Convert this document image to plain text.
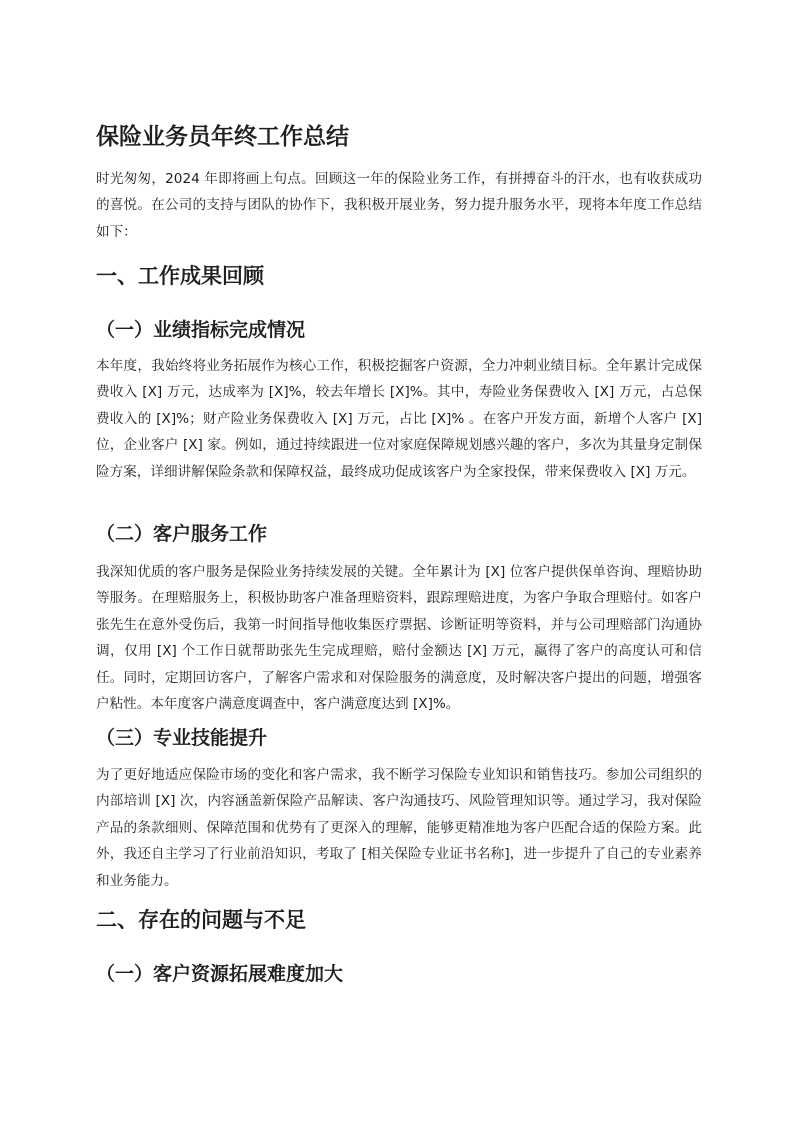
保险业务员年终工作总结

时光匆匆，2024 年即将画上句点。回顾这一年的保险业务工作，有拼搏奋斗的汗水，也有收获成功的喜悦。在公司的支持与团队的协作下，我积极开展业务，努力提升服务水平，现将本年度工作总结如下：

一、工作成果回顾
（一）业绩指标完成情况

本年度，我始终将业务拓展作为核心工作，积极挖掘客户资源，全力冲刺业绩目标。全年累计完成保费收入 [X] 万元，达成率为 [X]%，较去年增长 [X]%。其中，寿险业务保费收入 [X] 万元，占总保费收入的 [X]%；财产险业务保费收入 [X] 万元，占比 [X]% 。在客户开发方面，新增个人客户 [X] 位，企业客户 [X] 家。例如，通过持续跟进一位对家庭保障规划感兴趣的客户，多次为其量身定制保险方案，详细讲解保险条款和保障权益，最终成功促成该客户为全家投保，带来保费收入 [X] 万元。

（二）客户服务工作

我深知优质的客户服务是保险业务持续发展的关键。全年累计为 [X] 位客户提供保单咨询、理赔协助等服务。在理赔服务上，积极协助客户准备理赔资料，跟踪理赔进度，为客户争取合理赔付。如客户张先生在意外受伤后，我第一时间指导他收集医疗票据、诊断证明等资料，并与公司理赔部门沟通协调，仅用 [X] 个工作日就帮助张先生完成理赔，赔付金额达 [X] 万元，赢得了客户的高度认可和信任。同时，定期回访客户，了解客户需求和对保险服务的满意度，及时解决客户提出的问题，增强客户粘性。本年度客户满意度调查中，客户满意度达到 [X]%。

（三）专业技能提升

为了更好地适应保险市场的变化和客户需求，我不断学习保险专业知识和销售技巧。参加公司组织的内部培训 [X] 次，内容涵盖新保险产品解读、客户沟通技巧、风险管理知识等。通过学习，我对保险产品的条款细则、保障范围和优势有了更深入的理解，能够更精准地为客户匹配合适的保险方案。此外，我还自主学习了行业前沿知识，考取了 [相关保险专业证书名称]，进一步提升了自己的专业素养和业务能力。

二、存在的问题与不足
（一）客户资源拓展难度加大
